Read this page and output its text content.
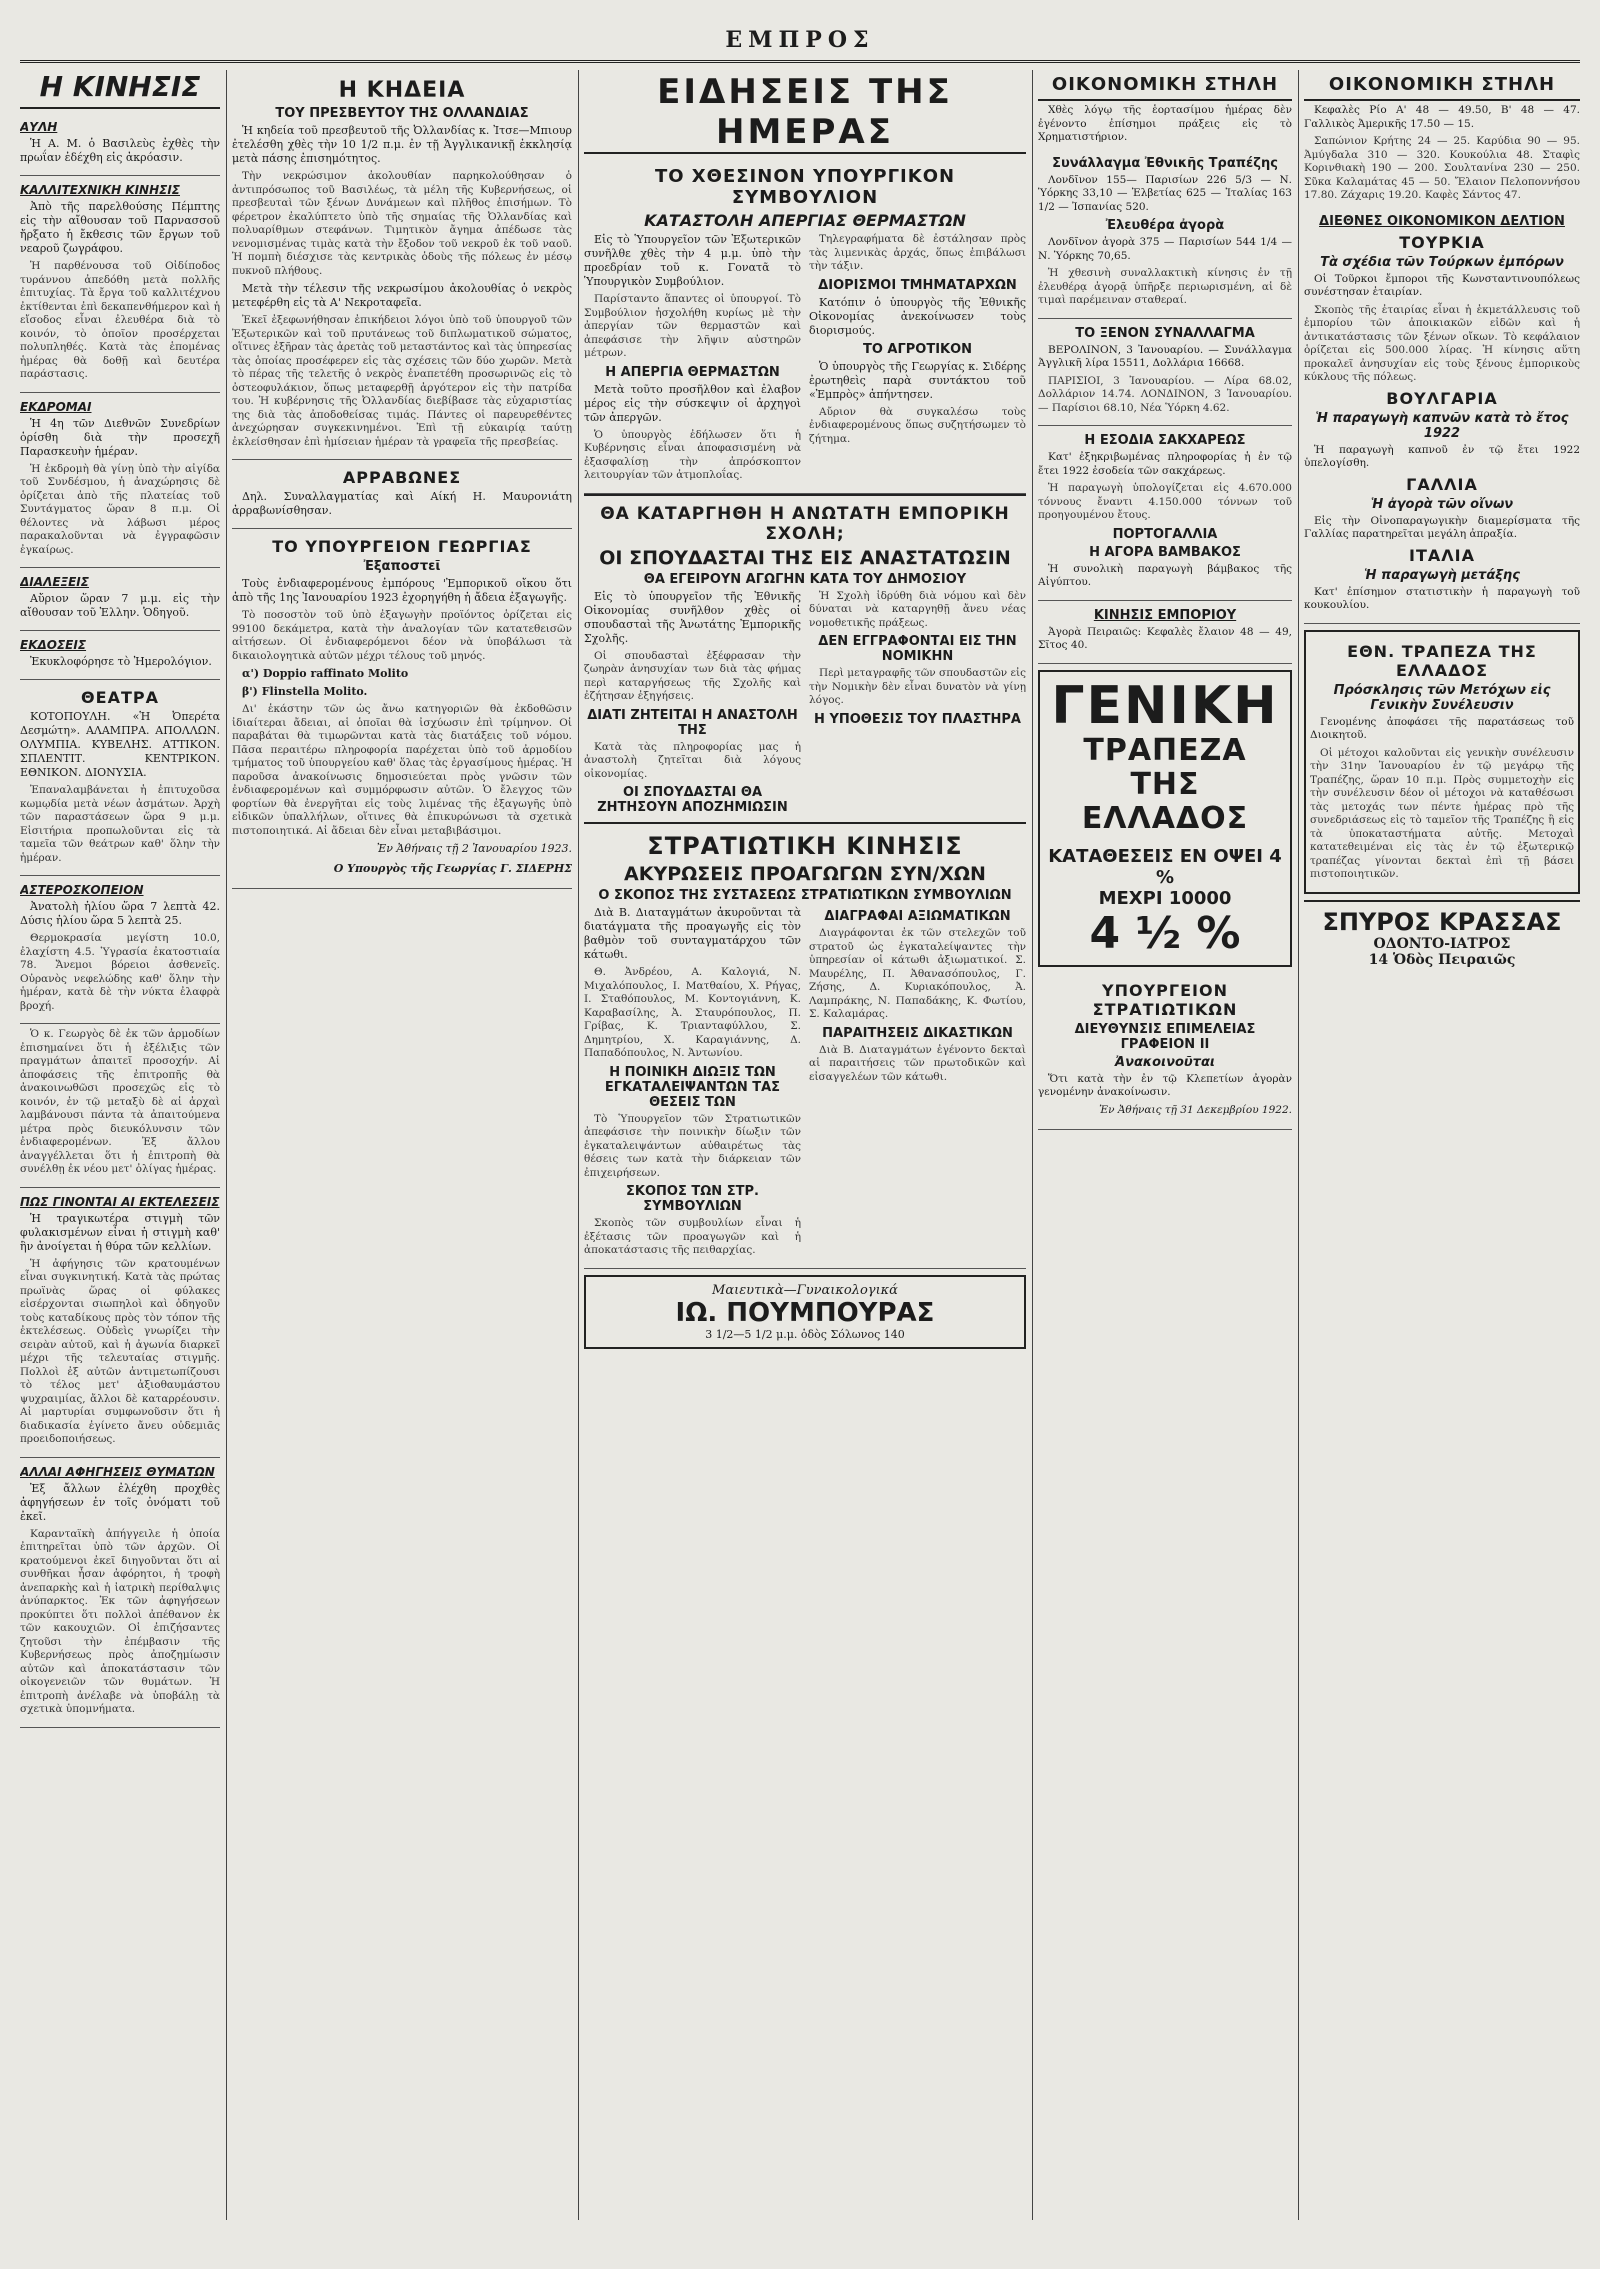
ΕΜΠΡΟΣ
Η ΚΙΝΗΣΙΣ
ΑΥΛΗ

Ἡ Α. Μ. ὁ Βασιλεὺς ἐχθὲς τὴν πρωΐαν ἐδέχθη εἰς ἀκρόασιν.

ΚΑΛΛΙΤΕΧΝΙΚΗ ΚΙΝΗΣΙΣ

Ἀπὸ τῆς παρελθούσης Πέμπτης εἰς τὴν αἴθουσαν τοῦ Παρνασσοῦ ἤρξατο ἡ ἔκθεσις τῶν ἔργων τοῦ νεαροῦ ζωγράφου.

Ἡ παρθένουσα τοῦ Οἰδίποδος τυράννου ἀπεδόθη μετὰ πολλῆς ἐπιτυχίας. Τὰ ἔργα τοῦ καλλιτέχνου ἐκτίθενται ἐπὶ δεκαπενθήμερον καὶ ἡ εἴσοδος εἶναι ἐλευθέρα διὰ τὸ κοινόν, τὸ ὁποῖον προσέρχεται πολυπληθές. Κατὰ τὰς ἑπομένας ἡμέρας θὰ δοθῇ καὶ δευτέρα παράστασις.

ΕΚΔΡΟΜΑΙ

Ἡ 4η τῶν Διεθνῶν Συνεδρίων ὁρίσθη διὰ τὴν προσεχῆ Παρασκευὴν ἡμέραν.

Ἡ ἐκδρομὴ θὰ γίνῃ ὑπὸ τὴν αἰγίδα τοῦ Συνδέσμου, ἡ ἀναχώρησις δὲ ὁρίζεται ἀπὸ τῆς πλατείας τοῦ Συντάγματος ὥραν 8 π.μ. Οἱ θέλοντες νὰ λάβωσι μέρος παρακαλοῦνται νὰ ἐγγραφῶσιν ἐγκαίρως.

ΔΙΑΛΕΞΕΙΣ

Αὔριον ὥραν 7 μ.μ. εἰς τὴν αἴθουσαν τοῦ Ἑλλην. Ὁδηγοῦ.

ΕΚΔΟΣΕΙΣ

Ἐκυκλοφόρησε τὸ Ἡμερολόγιον.

ΘΕΑΤΡΑ

ΚΟΤΟΠΟΥΛΗ. «Ἡ Ὀπερέτα Δεσμώτη». ΑΛΑΜΠΡΑ. ΑΠΟΛΛΩΝ. ΟΛΥΜΠΙΑ. ΚΥΒΕΛΗΣ. ΑΤΤΙΚΟΝ. ΣΠΛΕΝΤΙΤ. ΚΕΝΤΡΙΚΟΝ. ΕΘΝΙΚΟΝ. ΔΙΟΝΥΣΙΑ.

Ἐπαναλαμβάνεται ἡ ἐπιτυχοῦσα κωμῳδία μετὰ νέων ἀσμάτων. Ἀρχὴ τῶν παραστάσεων ὥρα 9 μ.μ. Εἰσιτήρια προπωλοῦνται εἰς τὰ ταμεῖα τῶν θεάτρων καθ' ὅλην τὴν ἡμέραν.

ΑΣΤΕΡΟΣΚΟΠΕΙΟΝ

Ἀνατολὴ ἡλίου ὥρα 7 λεπτὰ 42. Δύσις ἡλίου ὥρα 5 λεπτὰ 25.

Θερμοκρασία μεγίστη 10.0, ἐλαχίστη 4.5. Ὑγρασία ἐκατοστιαία 78. Ἄνεμοι βόρειοι ἀσθενεῖς. Οὐρανὸς νεφελώδης καθ' ὅλην τὴν ἡμέραν, κατὰ δὲ τὴν νύκτα ἐλαφρὰ βροχή.

Ὁ κ. Γεωργὸς δὲ ἐκ τῶν ἀρμοδίων ἐπισημαίνει ὅτι ἡ ἐξέλιξις τῶν πραγμάτων ἀπαιτεῖ προσοχήν. Αἱ ἀποφάσεις τῆς ἐπιτροπῆς θὰ ἀνακοινωθῶσι προσεχῶς εἰς τὸ κοινόν, ἐν τῷ μεταξὺ δὲ αἱ ἀρχαὶ λαμβάνουσι πάντα τὰ ἀπαιτούμενα μέτρα πρὸς διευκόλυνσιν τῶν ἐνδιαφερομένων. Ἐξ ἄλλου ἀναγγέλλεται ὅτι ἡ ἐπιτροπὴ θὰ συνέλθῃ ἐκ νέου μετ' ὀλίγας ἡμέρας.

ΠΩΣ ΓΙΝΟΝΤΑΙ ΑΙ ΕΚΤΕΛΕΣΕΙΣ

Ἡ τραγικωτέρα στιγμὴ τῶν φυλακισμένων εἶναι ἡ στιγμὴ καθ' ἣν ἀνοίγεται ἡ θύρα τῶν κελλίων.

Ἡ ἀφήγησις τῶν κρατουμένων εἶναι συγκινητική. Κατὰ τὰς πρώτας πρωϊνὰς ὥρας οἱ φύλακες εἰσέρχονται σιωπηλοὶ καὶ ὁδηγοῦν τοὺς καταδίκους πρὸς τὸν τόπον τῆς ἐκτελέσεως. Οὐδεὶς γνωρίζει τὴν σειρὰν αὐτοῦ, καὶ ἡ ἀγωνία διαρκεῖ μέχρι τῆς τελευταίας στιγμῆς. Πολλοὶ ἐξ αὐτῶν ἀντιμετωπίζουσι τὸ τέλος μετ' ἀξιοθαυμάστου ψυχραιμίας, ἄλλοι δὲ καταρρέουσιν. Αἱ μαρτυρίαι συμφωνοῦσιν ὅτι ἡ διαδικασία ἐγίνετο ἄνευ οὐδεμιᾶς προειδοποιήσεως.

ΑΛΛΑΙ ΑΦΗΓΗΣΕΙΣ ΘΥΜΑΤΩΝ

Ἐξ ἄλλων ἐλέχθη προχθὲς ἀφηγήσεων ἐν τοῖς ὀνόματι τοῦ ἐκεῖ.

Καρανταϊκὴ ἀπήγγειλε ἡ ὁποία ἐπιτηρεῖται ὑπὸ τῶν ἀρχῶν. Οἱ κρατούμενοι ἐκεῖ διηγοῦνται ὅτι αἱ συνθῆκαι ἦσαν ἀφόρητοι, ἡ τροφὴ ἀνεπαρκὴς καὶ ἡ ἰατρικὴ περίθαλψις ἀνύπαρκτος. Ἐκ τῶν ἀφηγήσεων προκύπτει ὅτι πολλοὶ ἀπέθανον ἐκ τῶν κακουχιῶν. Οἱ ἐπιζήσαντες ζητοῦσι τὴν ἐπέμβασιν τῆς Κυβερνήσεως πρὸς ἀποζημίωσιν αὐτῶν καὶ ἀποκατάστασιν τῶν οἰκογενειῶν τῶν θυμάτων. Ἡ ἐπιτροπὴ ἀνέλαβε νὰ ὑποβάλῃ τὰ σχετικὰ ὑπομνήματα.

Η ΚΗΔΕΙΑ
ΤΟΥ ΠΡΕΣΒΕΥΤΟΥ ΤΗΣ ΟΛΛΑΝΔΙΑΣ

Ἡ κηδεία τοῦ πρεσβευτοῦ τῆς Ὀλλανδίας κ. Ἰτσε—Μπιουρ ἐτελέσθη χθὲς τὴν 10 1/2 π.μ. ἐν τῇ Ἀγγλικανικῇ ἐκκλησίᾳ μετὰ πάσης ἐπισημότητος.

Τὴν νεκρώσιμον ἀκολουθίαν παρηκολούθησαν ὁ ἀντιπρόσωπος τοῦ Βασιλέως, τὰ μέλη τῆς Κυβερνήσεως, οἱ πρεσβευταὶ τῶν ξένων Δυνάμεων καὶ πλῆθος ἐπισήμων. Τὸ φέρετρον ἐκαλύπτετο ὑπὸ τῆς σημαίας τῆς Ὀλλανδίας καὶ πολυαρίθμων στεφάνων. Τιμητικὸν ἄγημα ἀπέδωσε τὰς νενομισμένας τιμὰς κατὰ τὴν ἔξοδον τοῦ νεκροῦ ἐκ τοῦ ναοῦ. Ἡ πομπὴ διέσχισε τὰς κεντρικὰς ὁδοὺς τῆς πόλεως ἐν μέσῳ πυκνοῦ πλήθους.

Μετὰ τὴν τέλεσιν τῆς νεκρωσίμου ἀκολουθίας ὁ νεκρὸς μετεφέρθη εἰς τὰ Α' Νεκροταφεῖα.

Ἐκεῖ ἐξεφωνήθησαν ἐπικήδειοι λόγοι ὑπὸ τοῦ ὑπουργοῦ τῶν Ἐξωτερικῶν καὶ τοῦ πρυτάνεως τοῦ διπλωματικοῦ σώματος, οἵτινες ἐξῆραν τὰς ἀρετὰς τοῦ μεταστάντος καὶ τὰς ὑπηρεσίας τὰς ὁποίας προσέφερεν εἰς τὰς σχέσεις τῶν δύο χωρῶν. Μετὰ τὸ πέρας τῆς τελετῆς ὁ νεκρὸς ἐναπετέθη προσωρινῶς εἰς τὸ ὀστεοφυλάκιον, ὅπως μεταφερθῇ ἀργότερον εἰς τὴν πατρίδα του. Ἡ κυβέρνησις τῆς Ὀλλανδίας διεβίβασε τὰς εὐχαριστίας της διὰ τὰς ἀποδοθείσας τιμάς. Πάντες οἱ παρευρεθέντες ἀνεχώρησαν συγκεκινημένοι. Ἐπὶ τῇ εὐκαιρίᾳ ταύτῃ ἐκλείσθησαν ἐπὶ ἡμίσειαν ἡμέραν τὰ γραφεῖα τῆς πρεσβείας.

ΑΡΡΑΒΩΝΕΣ

Δηλ. Συναλλαγματίας καὶ Αίκή Η. Μαυρονιάτη ἀρραβωνίσθησαν.

ΤΟ ΥΠΟΥΡΓΕΙΟΝ ΓΕΩΡΓΙΑΣ
Ἐξαποστεῖ

Τοὺς ἐνδιαφερομένους ἐμπόρους 'Ἐμπορικοῦ οἴκου ὅτι ἀπὸ τῆς 1ης Ἰανουαρίου 1923 ἐχορηγήθη ἡ ἄδεια ἐξαγωγῆς.

Τὸ ποσοστὸν τοῦ ὑπὸ ἐξαγωγὴν προϊόντος ὁρίζεται εἰς 99100 δεκάμετρα, κατὰ τὴν ἀναλογίαν τῶν κατατεθεισῶν αἰτήσεων. Οἱ ἐνδιαφερόμενοι δέον νὰ ὑποβάλωσι τὰ δικαιολογητικὰ αὐτῶν μέχρι τέλους τοῦ μηνός.

α') Doppio raffinato Molito

β') Flinstella Molito.

Δι' ἑκάστην τῶν ὡς ἄνω κατηγοριῶν θὰ ἐκδοθῶσιν ἰδιαίτεραι ἄδειαι, αἱ ὁποῖαι θὰ ἰσχύωσιν ἐπὶ τρίμηνον. Οἱ παραβάται θὰ τιμωρῶνται κατὰ τὰς διατάξεις τοῦ νόμου. Πᾶσα περαιτέρω πληροφορία παρέχεται ὑπὸ τοῦ ἀρμοδίου τμήματος τοῦ ὑπουργείου καθ' ὅλας τὰς ἐργασίμους ἡμέρας. Ἡ παροῦσα ἀνακοίνωσις δημοσιεύεται πρὸς γνῶσιν τῶν ἐνδιαφερομένων καὶ συμμόρφωσιν αὐτῶν. Ὁ ἔλεγχος τῶν φορτίων θὰ ἐνεργῆται εἰς τοὺς λιμένας τῆς ἐξαγωγῆς ὑπὸ εἰδικῶν ὑπαλλήλων, οἵτινες θὰ ἐπικυρώνωσι τὰ σχετικὰ πιστοποιητικά. Αἱ ἄδειαι δὲν εἶναι μεταβιβάσιμοι.

Ἐν Ἀθήναις τῇ 2 Ἰανουαρίου 1923.

Ο Υπουργὸς τῆς Γεωργίας Γ. ΣΙΔΕΡΗΣ

ΕΙΔΗΣΕΙΣ ΤΗΣ ΗΜΕΡΑΣ
ΤΟ ΧΘΕΣΙΝΟΝ ΥΠΟΥΡΓΙΚΟΝ ΣΥΜΒΟΥΛΙΟΝ
ΚΑΤΑΣΤΟΛΗ ΑΠΕΡΓΙΑΣ ΘΕΡΜΑΣΤΩΝ

Εἰς τὸ Ὑπουργεῖον τῶν Ἐξωτερικῶν συνῆλθε χθὲς τὴν 4 μ.μ. ὑπὸ τὴν προεδρίαν τοῦ κ. Γονατᾶ τὸ Ὑπουργικὸν Συμβούλιον.

Παρίσταντο ἅπαντες οἱ ὑπουργοί. Τὸ Συμβούλιον ἠσχολήθη κυρίως μὲ τὴν ἀπεργίαν τῶν θερμαστῶν καὶ ἀπεφάσισε τὴν λῆψιν αὐστηρῶν μέτρων.

Η ΑΠΕΡΓΙΑ ΘΕΡΜΑΣΤΩΝ

Μετὰ τοῦτο προσῆλθον καὶ ἐλαβον μέρος εἰς τὴν σύσκεψιν οἱ ἀρχηγοὶ τῶν ἀπεργῶν.

Ὁ ὑπουργὸς ἐδήλωσεν ὅτι ἡ Κυβέρνησις εἶναι ἀποφασισμένη νὰ ἐξασφαλίσῃ τὴν ἀπρόσκοπτον λειτουργίαν τῶν ἀτμοπλοΐας.

Τηλεγραφήματα δὲ ἐστάλησαν πρὸς τὰς λιμενικὰς ἀρχάς, ὅπως ἐπιβάλωσι τὴν τάξιν.

ΔΙΟΡΙΣΜΟΙ ΤΜΗΜΑΤΑΡΧΩΝ

Κατόπιν ὁ ὑπουργὸς τῆς Ἐθνικῆς Οἰκονομίας ἀνεκοίνωσεν τοὺς διορισμούς.

ΤΟ ΑΓΡΟΤΙΚΟΝ

Ὁ ὑπουργὸς τῆς Γεωργίας κ. Σιδέρης ἐρωτηθεὶς παρὰ συντάκτου τοῦ «Ἐμπρὸς» ἀπήντησεν.

Αὔριον θὰ συγκαλέσω τοὺς ἐνδιαφερομένους ὅπως συζητήσωμεν τὸ ζήτημα.

ΘΑ ΚΑΤΑΡΓΗΘΗ Η ΑΝΩΤΑΤΗ ΕΜΠΟΡΙΚΗ ΣΧΟΛΗ;
ΟΙ ΣΠΟΥΔΑΣΤΑΙ ΤΗΣ ΕΙΣ ΑΝΑΣΤΑΤΩΣΙΝ
ΘΑ ΕΓΕΙΡΟΥΝ ΑΓΩΓΗΝ ΚΑΤΑ ΤΟΥ ΔΗΜΟΣΙΟΥ

Εἰς τὸ ὑπουργεῖον τῆς Ἐθνικῆς Οἰκονομίας συνῆλθον χθὲς οἱ σπουδασταὶ τῆς Ἀνωτάτης Ἐμπορικῆς Σχολῆς.

Οἱ σπουδασταὶ ἐξέφρασαν τὴν ζωηρὰν ἀνησυχίαν των διὰ τὰς φήμας περὶ καταργήσεως τῆς Σχολῆς καὶ ἐζήτησαν ἐξηγήσεις.

ΔΙΑΤΙ ΖΗΤΕΙΤΑΙ Η ΑΝΑΣΤΟΛΗ ΤΗΣ

Κατὰ τὰς πληροφορίας μας ἡ ἀναστολὴ ζητεῖται διὰ λόγους οἰκονομίας.

ΟΙ ΣΠΟΥΔΑΣΤΑΙ ΘΑ ΖΗΤΗΣΟΥΝ ΑΠΟΖΗΜΙΩΣΙΝ

Ἡ Σχολὴ ἱδρύθη διὰ νόμου καὶ δὲν δύναται νὰ καταργηθῇ ἄνευ νέας νομοθετικῆς πράξεως.

ΔΕΝ ΕΓΓΡΑΦΟΝΤΑΙ ΕΙΣ ΤΗΝ ΝΟΜΙΚΗΝ

Περὶ μεταγραφῆς τῶν σπουδαστῶν εἰς τὴν Νομικὴν δὲν εἶναι δυνατὸν νὰ γίνῃ λόγος.

Η ΥΠΟΘΕΣΙΣ ΤΟΥ ΠΛΑΣΤΗΡΑ
ΣΤΡΑΤΙΩΤΙΚΗ ΚΙΝΗΣΙΣ
ΑΚΥΡΩΣΕΙΣ ΠΡΟΑΓΩΓΩΝ ΣΥΝ/ΧΩΝ
Ο ΣΚΟΠΟΣ ΤΗΣ ΣΥΣΤΑΣΕΩΣ ΣΤΡΑΤΙΩΤΙΚΩΝ ΣΥΜΒΟΥΛΙΩΝ

Διὰ Β. Διαταγμάτων ἀκυροῦνται τὰ διατάγματα τῆς προαγωγῆς εἰς τὸν βαθμὸν τοῦ συνταγματάρχου τῶν κάτωθι.

Θ. Ἀνδρέου, Α. Καλογιά, Ν. Μιχαλόπουλος, Ι. Ματθαίου, Χ. Ρήγας, Ι. Σταθόπουλος, Μ. Κοντογιάννη, Κ. Καραβασίλης, Ἀ. Σταυρόπουλος, Π. Γρίβας, Κ. Τριανταφύλλου, Σ. Δημητρίου, Χ. Καραγιάννης, Δ. Παπαδόπουλος, Ν. Ἀντωνίου.

Η ΠΟΙΝΙΚΗ ΔΙΩΞΙΣ ΤΩΝ ΕΓΚΑΤΑΛΕΙΨΑΝΤΩΝ ΤΑΣ ΘΕΣΕΙΣ ΤΩΝ

Τὸ Ὑπουργεῖον τῶν Στρατιωτικῶν ἀπεφάσισε τὴν ποινικὴν δίωξιν τῶν ἐγκαταλειψάντων αὐθαιρέτως τὰς θέσεις των κατὰ τὴν διάρκειαν τῶν ἐπιχειρήσεων.

ΣΚΟΠΟΣ ΤΩΝ ΣΤΡ. ΣΥΜΒΟΥΛΙΩΝ

Σκοπὸς τῶν συμβουλίων εἶναι ἡ ἐξέτασις τῶν προαγωγῶν καὶ ἡ ἀποκατάστασις τῆς πειθαρχίας.

ΔΙΑΓΡΑΦΑΙ ΑΞΙΩΜΑΤΙΚΩΝ

Διαγράφονται ἐκ τῶν στελεχῶν τοῦ στρατοῦ ὡς ἐγκαταλείψαντες τὴν ὑπηρεσίαν οἱ κάτωθι ἀξιωματικοί. Σ. Μαυρέλης, Π. Ἀθανασόπουλος, Γ. Ζήσης, Δ. Κυριακόπουλος, Ἀ. Λαμπράκης, Ν. Παπαδάκης, Κ. Φωτίου, Σ. Καλαμάρας.

ΠΑΡΑΙΤΗΣΕΙΣ ΔΙΚΑΣΤΙΚΩΝ

Διὰ Β. Διαταγμάτων ἐγένοντο δεκταὶ αἱ παραιτήσεις τῶν πρωτοδικῶν καὶ εἰσαγγελέων τῶν κάτωθι.

Μαιευτικὰ—Γυναικολογικά
ΙΩ. ΠΟΥΜΠΟΥΡΑΣ
3 1/2—5 1/2 μ.μ. ὁδὸς Σόλωνος 140
ΟΙΚΟΝΟΜΙΚΗ ΣΤΗΛΗ

Χθὲς λόγῳ τῆς ἑορτασίμου ἡμέρας δὲν ἐγένοντο ἐπίσημοι πράξεις εἰς τὸ Χρηματιστήριον.

Συνάλλαγμα Ἐθνικῆς Τραπέζης

Λονδῖνον 155— Παρισίων 226 5/3 — Ν. Ὑόρκης 33,10 — Ἑλβετίας 625 — Ἰταλίας 163 1/2 — Ἰσπανίας 520.

Ἐλευθέρα ἀγορὰ

Λονδῖνον ἀγορὰ 375 — Παρισίων 544 1/4 — Ν. Ὑόρκης 70,65.

Ἡ χθεσινὴ συναλλακτικὴ κίνησις ἐν τῇ ἐλευθέρᾳ ἀγορᾷ ὑπῆρξε περιωρισμένη, αἱ δὲ τιμαὶ παρέμειναν σταθεραί.

ΤΟ ΞΕΝΟΝ ΣΥΝΑΛΛΑΓΜΑ

ΒΕΡΟΛΙΝΟΝ, 3 Ἰανουαρίου. — Συνάλλαγμα Ἀγγλικῆ λίρα 15511, Δολλάρια 16668.

ΠΑΡΙΣΙΟΙ, 3 Ἰανουαρίου. — Λίρα 68.02, Δολλάριον 14.74. ΛΟΝΔΙΝΟΝ, 3 Ἰανουαρίου. — Παρίσιοι 68.10, Νέα Ὑόρκη 4.62.

Η ΕΣΟΔΙΑ ΣΑΚΧΑΡΕΩΣ

Κατ' ἐξηκριβωμένας πληροφορίας ἡ ἐν τῷ ἔτει 1922 ἐσοδεία τῶν σακχάρεως.

Ἡ παραγωγὴ ὑπολογίζεται εἰς 4.670.000 τόννους ἔναντι 4.150.000 τόννων τοῦ προηγουμένου ἔτους.

ΠΟΡΤΟΓΑΛΛΙΑ
Η ΑΓΟΡΑ ΒΑΜΒΑΚΟΣ

Ἡ συνολικὴ παραγωγὴ βάμβακος τῆς Αἰγύπτου.

ΚΙΝΗΣΙΣ ΕΜΠΟΡΙΟΥ

Ἀγορὰ Πειραιῶς: Κεφαλὲς ἔλαιον 48 — 49, Σῖτος 40.

ΓΕΝΙΚΗ
ΤΡΑΠΕΖΑ ΤΗΣ ΕΛΛΑΔΟΣ
ΚΑΤΑΘΕΣΕΙΣ ΕΝ ΟΨΕΙ 4 %
ΜΕΧΡΙ 10000
4 ½ %
ΥΠΟΥΡΓΕΙΟΝ ΣΤΡΑΤΙΩΤΙΚΩΝ
ΔΙΕΥΘΥΝΣΙΣ ΕΠΙΜΕΛΕΙΑΣ ΓΡΑΦΕΙΟΝ II
Ἀνακοινοῦται

Ὅτι κατὰ τὴν ἐν τῷ Κλεπετίων ἀγορὰν γενομένην ἀνακοίνωσιν.

Ἐν Ἀθήναις τῇ 31 Δεκεμβρίου 1922.

ΟΙΚΟΝΟΜΙΚΗ ΣΤΗΛΗ

Κεφαλὲς Ρίο Α' 48 — 49.50, Β' 48 — 47. Γαλλικὸς Ἀμερικῆς 17.50 — 15.

Σαπώνιον Κρήτης 24 — 25. Καρύδια 90 — 95. Ἀμύγδαλα 310 — 320. Κουκούλια 48. Σταφὶς Κορινθιακὴ 190 — 200. Σουλτανίνα 230 — 250. Σῦκα Καλαμάτας 45 — 50. Ἔλαιον Πελοποννήσου 17.80. Ζάχαρις 19.20. Καφὲς Σάντος 47.

ΔΙΕΘΝΕΣ ΟΙΚΟΝΟΜΙΚΟΝ ΔΕΛΤΙΟΝ
ΤΟΥΡΚΙΑ
Τὰ σχέδια τῶν Τούρκων ἐμπόρων

Οἱ Τοῦρκοι ἔμποροι τῆς Κωνσταντινουπόλεως συνέστησαν ἐταιρίαν.

Σκοπὸς τῆς ἐταιρίας εἶναι ἡ ἐκμετάλλευσις τοῦ ἐμπορίου τῶν ἀποικιακῶν εἰδῶν καὶ ἡ ἀντικατάστασις τῶν ξένων οἴκων. Τὸ κεφάλαιον ὁρίζεται εἰς 500.000 λίρας. Ἡ κίνησις αὕτη προκαλεῖ ἀνησυχίαν εἰς τοὺς ξένους ἐμπορικοὺς κύκλους τῆς πόλεως.

ΒΟΥΛΓΑΡΙΑ
Ἡ παραγωγὴ καπνῶν κατὰ τὸ ἔτος 1922

Ἡ παραγωγὴ καπνοῦ ἐν τῷ ἔτει 1922 ὑπελογίσθη.

ΓΑΛΛΙΑ
Ἡ ἀγορὰ τῶν οἴνων

Εἰς τὴν Οἰνοπαραγωγικὴν διαμερίσματα τῆς Γαλλίας παρατηρεῖται μεγάλη ἀπραξία.

ΙΤΑΛΙΑ
Ἡ παραγωγὴ μετάξης

Κατ' ἐπίσημον στατιστικὴν ἡ παραγωγὴ τοῦ κουκουλίου.

ΕΘΝ. ΤΡΑΠΕΖΑ ΤΗΣ ΕΛΛΑΔΟΣ
Πρόσκλησις τῶν Μετόχων εἰς Γενικὴν Συνέλευσιν

Γενομένης ἀποφάσει τῆς παρατάσεως τοῦ Διοικητοῦ.

Οἱ μέτοχοι καλοῦνται εἰς γενικὴν συνέλευσιν τὴν 31ην Ἰανουαρίου ἐν τῷ μεγάρῳ τῆς Τραπέζης, ὥραν 10 π.μ. Πρὸς συμμετοχὴν εἰς τὴν συνέλευσιν δέον οἱ μέτοχοι νὰ καταθέσωσι τὰς μετοχάς των πέντε ἡμέρας πρὸ τῆς συνεδριάσεως εἰς τὸ ταμεῖον τῆς Τραπέζης ἢ εἰς τὰ ὑποκαταστήματα αὐτῆς. Μετοχαὶ κατατεθειμέναι εἰς τὰς ἐν τῷ ἐξωτερικῷ τραπέζας γίνονται δεκταὶ ἐπὶ τῇ βάσει πιστοποιητικῶν.

ΣΠΥΡΟΣ ΚΡΑΣΣΑΣ
ΟΔΟΝΤΟ-ΙΑΤΡΟΣ
14 Ὁδὸς Πειραιῶς
